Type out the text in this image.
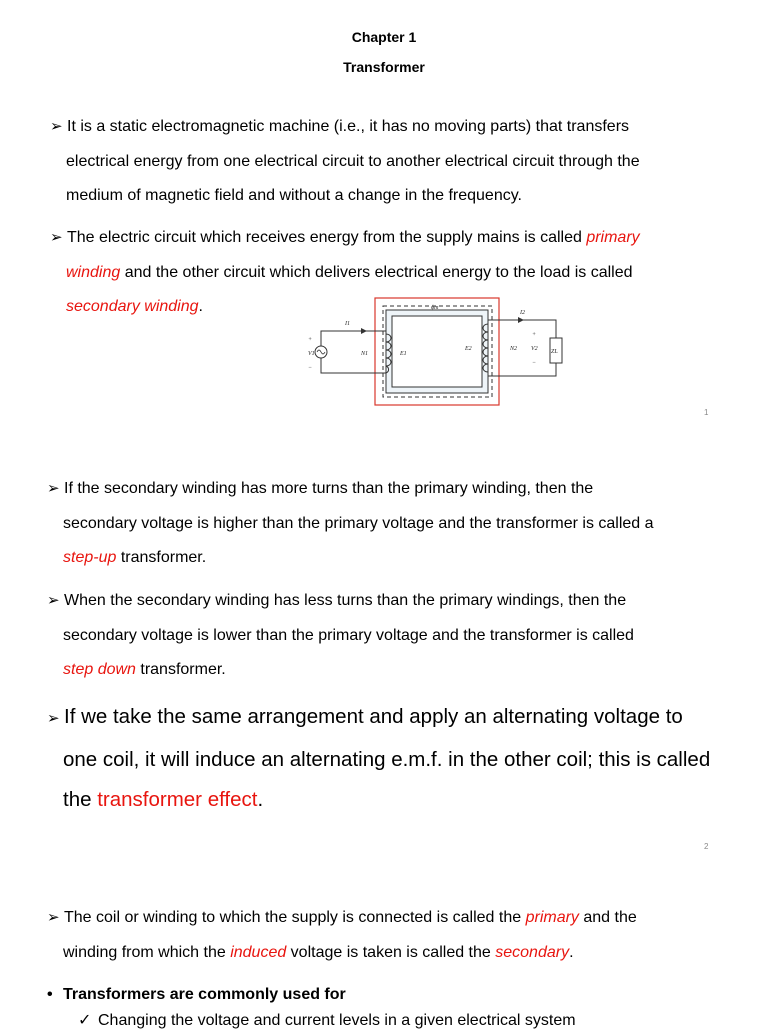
Chapter 1
Transformer
➢ It is a static electromagnetic machine (i.e., it has no moving parts) that transfers
electrical energy from one electrical circuit to another electrical circuit through the
medium of magnetic field and without a change in the frequency.
➢ The electric circuit which receives energy from the supply mains is called primary
winding and the other circuit which delivers electrical energy to the load is called
secondary winding.	ϕm
I1
I2
V1
+
−
N1	E1
E2	N2 V2
+
−
ZL
1
➢ If the secondary winding has more turns than the primary winding, then the
secondary voltage is higher than the primary voltage and the transformer is called a
step-up transformer.
➢ When the secondary winding has less turns than the primary windings, then the
secondary voltage is lower than the primary voltage and the transformer is called
step down transformer.
➢ If we take the same arrangement and apply an alternating voltage to
one coil, it will induce an alternating e.m.f. in the other coil; this is called
the transformer effect.
2
➢ The coil or winding to which the supply is connected is called the primary and the
winding from which the induced voltage is taken is called the secondary.
• Transformers are commonly used for
✓ Changing the voltage and current levels in a given electrical system
